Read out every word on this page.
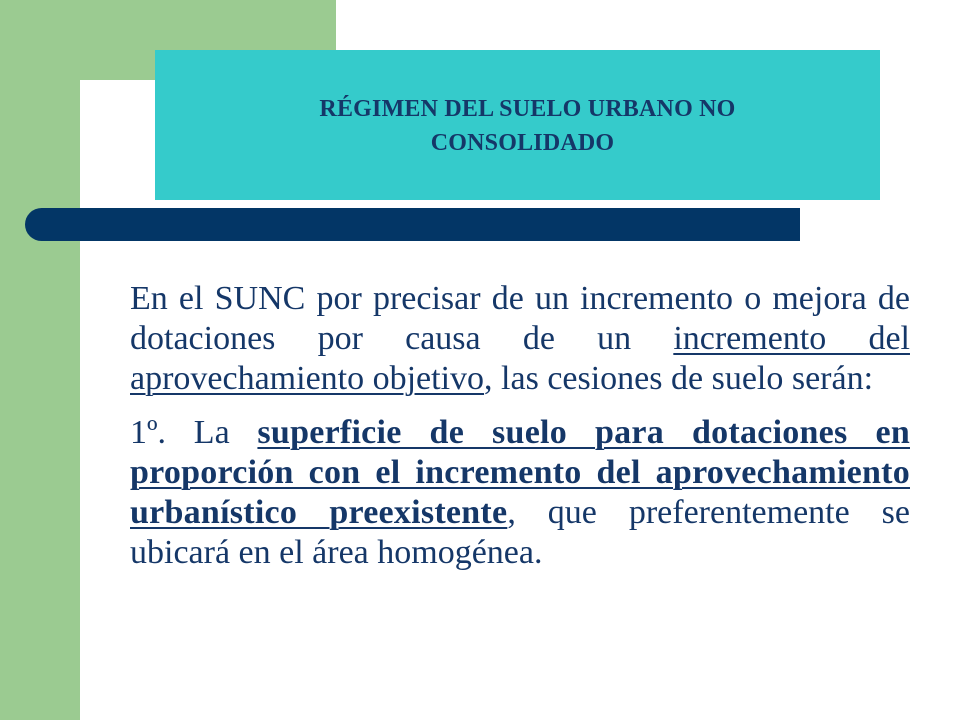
RÉGIMEN DEL SUELO URBANO NO
CONSOLIDADO

En el SUNC por precisar de un incremento o mejora de dotaciones por causa de un incremento del aprovechamiento objetivo, las cesiones de suelo serán:

1º. La superficie de suelo para dotaciones en proporción con el incremento del aprovechamiento urbanístico preexistente, que preferentemente se ubicará en el área homogénea.
